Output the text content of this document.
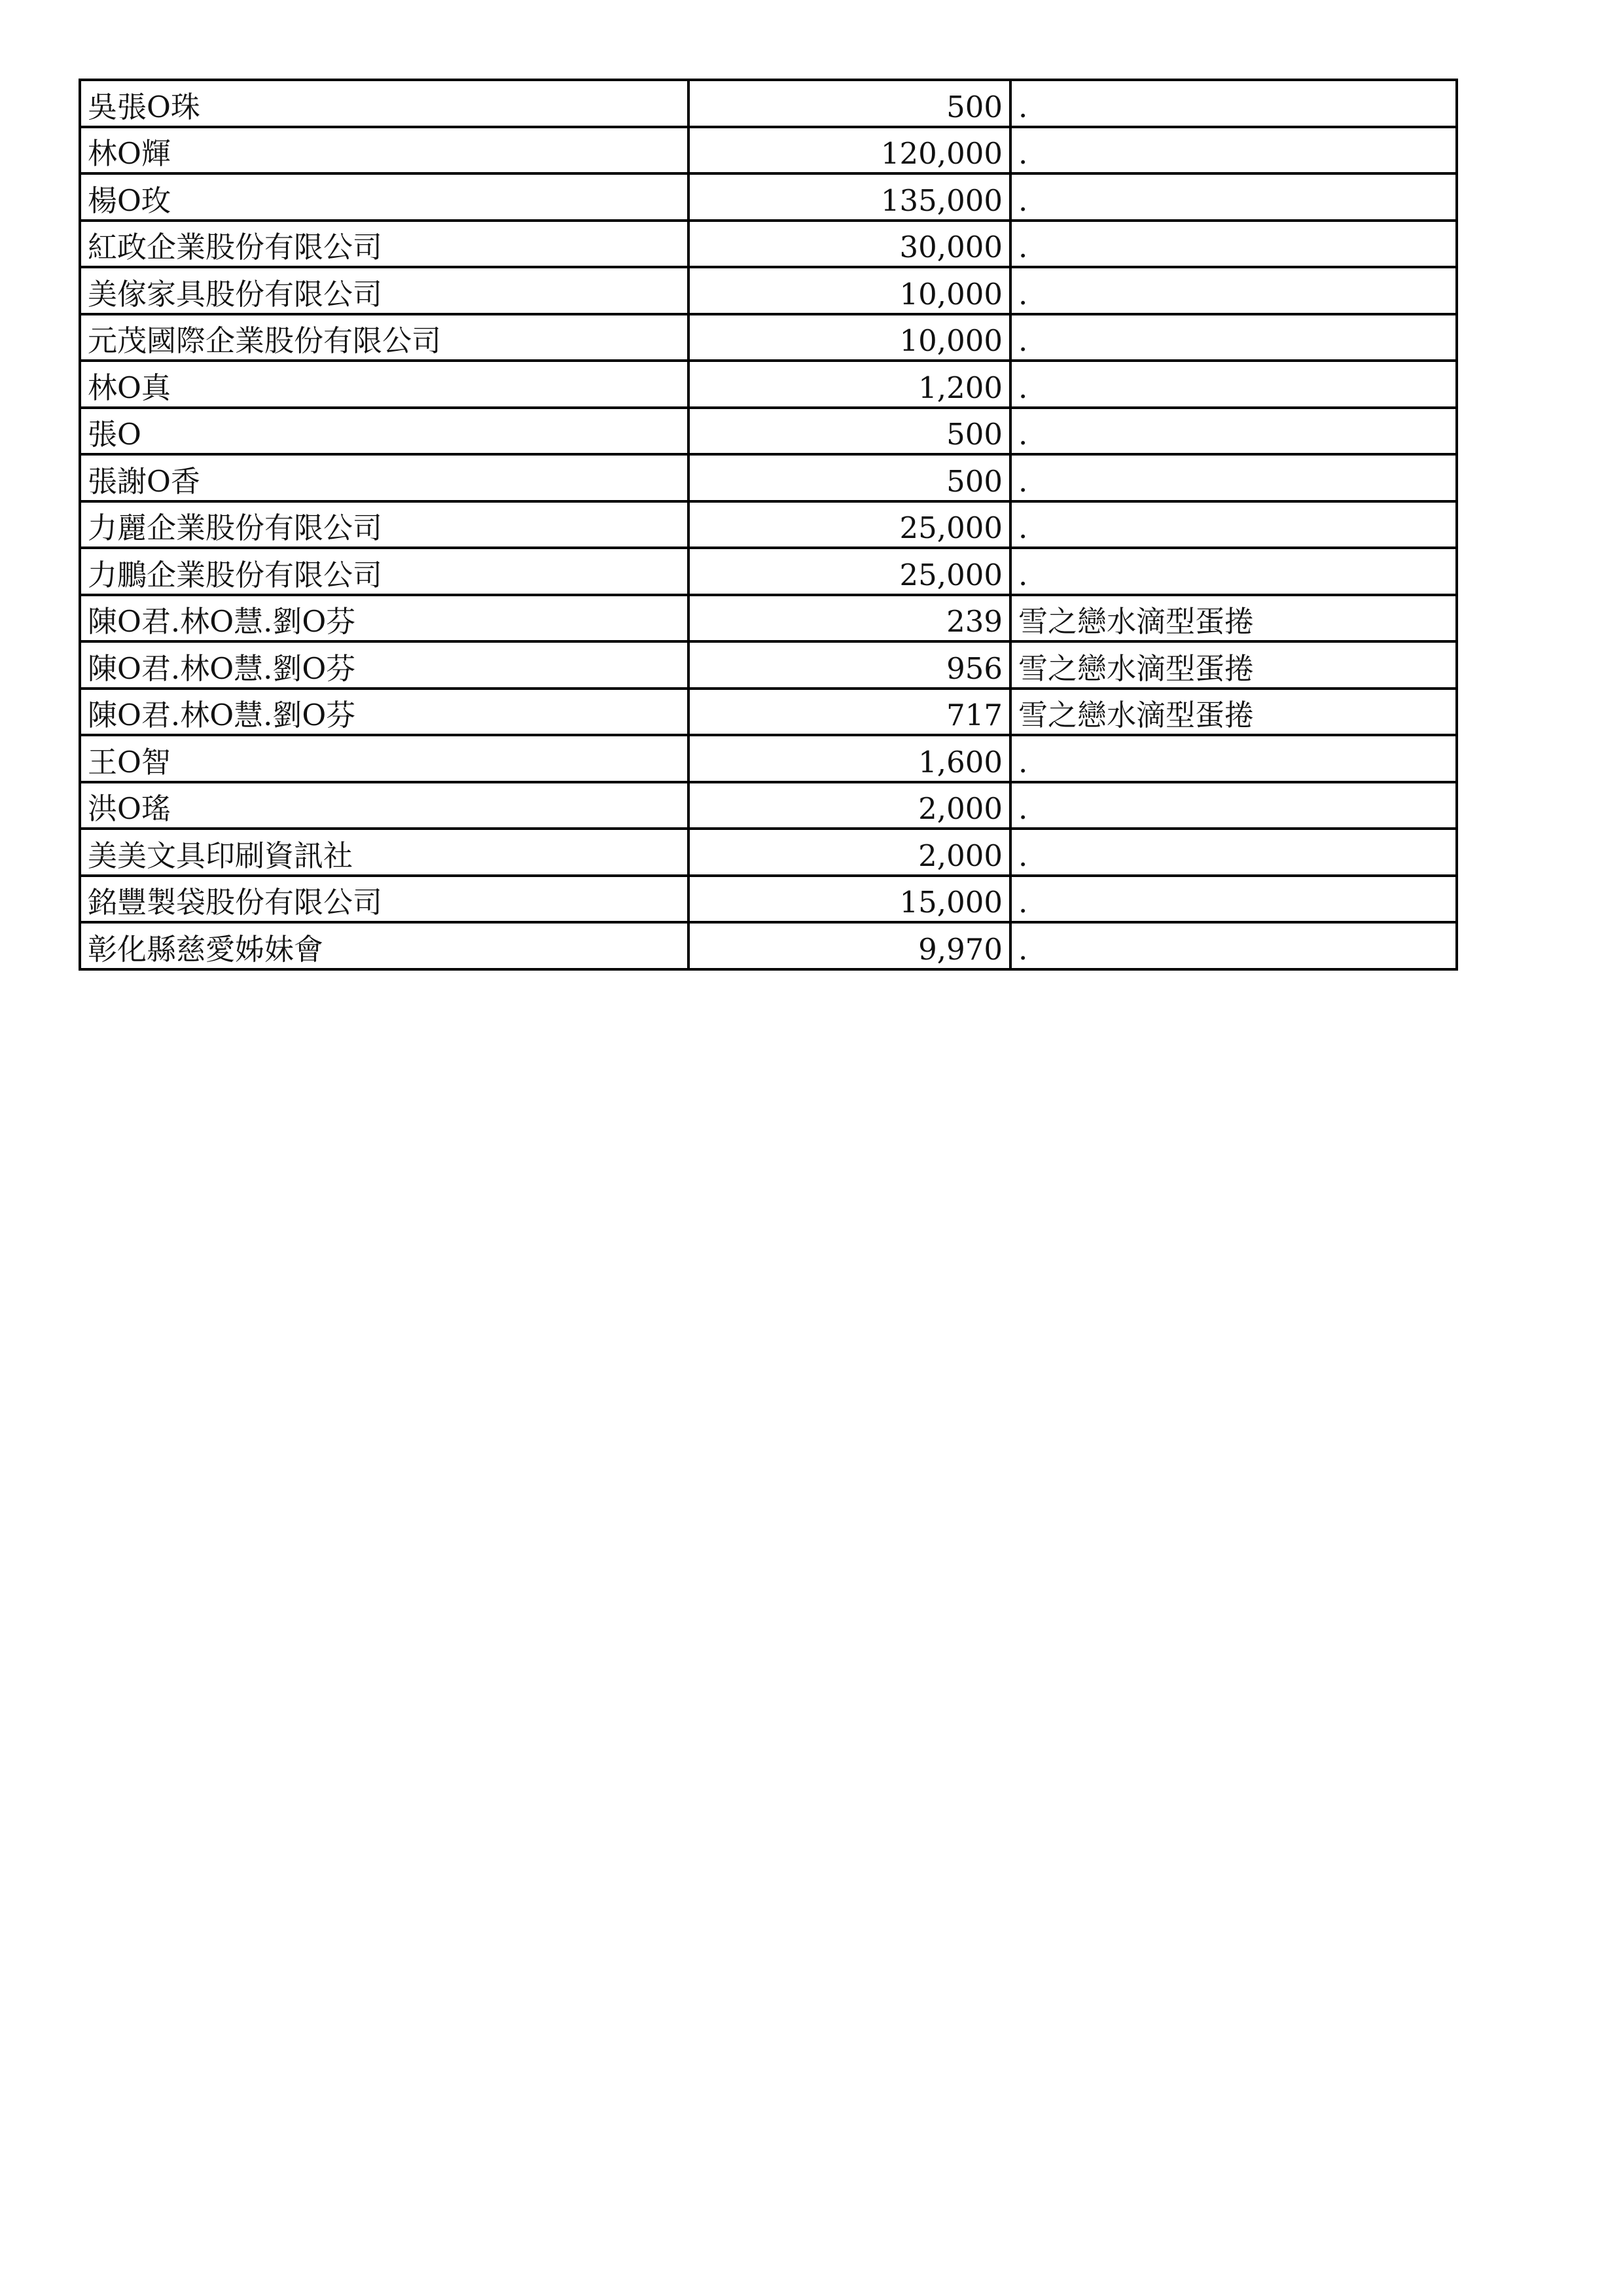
吳張O珠	500	.
林O輝	120,000	.
楊O玫	135,000	.
紅政企業股份有限公司	30,000	.
美傢家具股份有限公司	10,000	.
元茂國際企業股份有限公司	10,000	.
林O真	1,200	.
張O	500	.
張謝O香	500	.
力麗企業股份有限公司	25,000	.
力鵬企業股份有限公司	25,000	.
陳O君.林O慧.劉O芬	239	雪之戀水滴型蛋捲
陳O君.林O慧.劉O芬	956	雪之戀水滴型蛋捲
陳O君.林O慧.劉O芬	717	雪之戀水滴型蛋捲
王O智	1,600	.
洪O瑤	2,000	.
美美文具印刷資訊社	2,000	.
銘豐製袋股份有限公司	15,000	.
彰化縣慈愛姊妹會	9,970	.
